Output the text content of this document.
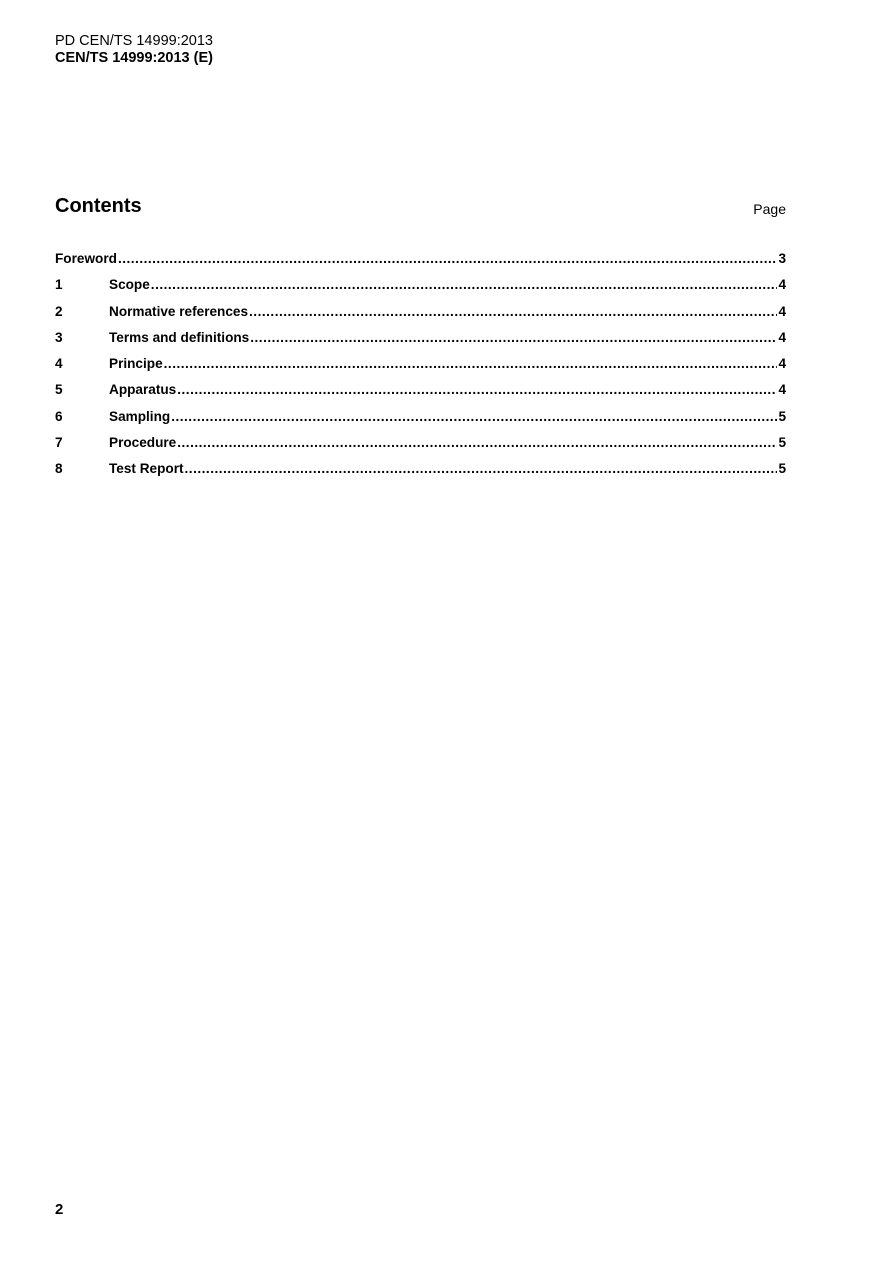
PD CEN/TS 14999:2013
CEN/TS 14999:2013 (E)
Contents	Page
Foreword .....	3
1	Scope .....	4
2	Normative references .....	4
3	Terms and definitions .....	4
4	Principe .....	4
5	Apparatus .....	4
6	Sampling .....	5
7	Procedure .....	5
8	Test Report .....	5
2
